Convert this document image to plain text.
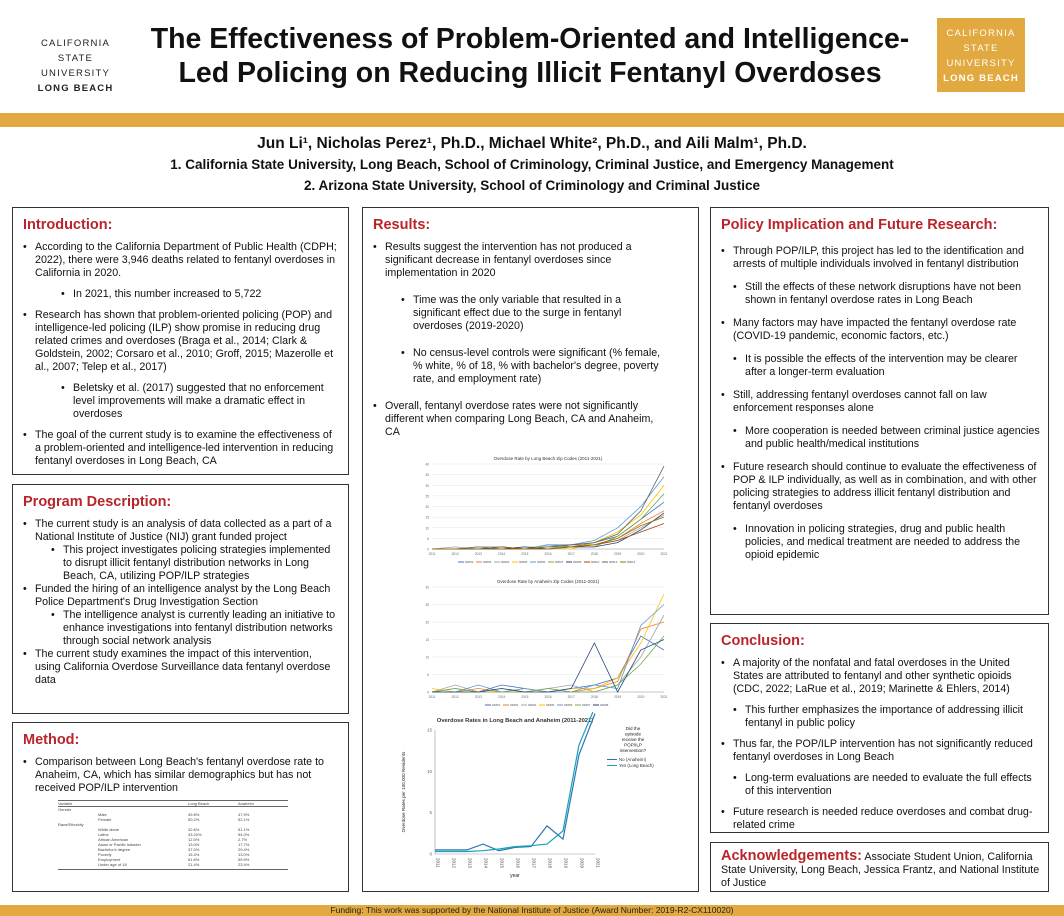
CALIFORNIA
STATE
UNIVERSITY
LONG BEACH
The Effectiveness of Problem-Oriented and Intelligence-Led Policing on Reducing Illicit Fentanyl Overdoses
CALIFORNIA
STATE
UNIVERSITY
LONG BEACH
Jun Li¹, Nicholas Perez¹, Ph.D., Michael White², Ph.D., and Aili Malm¹, Ph.D.
1. California State University, Long Beach, School of Criminology, Criminal Justice, and Emergency Management
2. Arizona State University, School of Criminology and Criminal Justice
Introduction:
• According to the California Department of Public Health (CDPH; 2022), there were 3,946 deaths related to fentanyl overdoses in California in 2020.
• In 2021, this number increased to 5,722
• Research has shown that problem-oriented policing (POP) and intelligence-led policing (ILP) show promise in reducing drug related crimes and overdoses (Braga et al., 2014; Clark & Goldstein, 2002; Corsaro et al., 2010; Groff, 2015; Mazerolle et al., 2007; Telep et al., 2017)
• Beletsky et al. (2017) suggested that no enforcement level improvements will make a dramatic effect in overdoses
• The goal of the current study is to examine the effectiveness of a problem-oriented and intelligence-led intervention in reducing fentanyl overdoses in Long Beach, CA
Program Description:
• The current study is an analysis of data collected as a part of a National Institute of Justice (NIJ) grant funded project
• This project investigates policing strategies implemented to disrupt illicit fentanyl distribution networks in Long Beach, CA, utilizing POP/ILP strategies
• Funded the hiring of an intelligence analyst by the Long Beach Police Department's Drug Investigation Section
• The intelligence analyst is currently leading an initiative to enhance investigations into fentanyl distribution networks through social network analysis
• The current study examines the impact of this intervention, using California Overdose Surveillance data fentanyl overdose data
Method:
• Comparison between Long Beach's fentanyl overdose rate to Anaheim, CA, which has similar demographics but has not received POP/ILP intervention
Variable	Long Beach	Anaheim
Gender
Male	49.8%	47.9%
Female	50.2%	52.1%
Race/Ethnicity
White alone	32.6%	51.1%
Latinx	43.20%	54.0%
African American	12.5%	2.7%
Asian or Pacific Islander	13.0%	17.7%
Bachelor's degree	37.0%	29.4%
Poverty	15.4%	13.0%
Employment	61.6%	59.9%
Under age of 18	21.4%	23.4%
Results:
• Results suggest the intervention has not produced a significant decrease in fentanyl overdoses since implementation in 2020
• Time was the only variable that resulted in a significant effect due to the surge in fentanyl overdoses (2019-2020)
• No census-level controls were significant (% female, % white, % of 18, % with bachelor's degree, poverty rate, and employment rate)
• Overall, fentanyl overdose rates were not significantly different when comparing Long Beach, CA and Anaheim, CA
Overdose Rate by Long Beach Zip Codes (2011-2021)
0
5
10
15
20
25
30
35
40
2011	2012	2013	2014	2015	2016	2017	2018	2019	2020	2021
90802	90803	90804	90805	90806	90807	90808	90810	90813	90814
Overdose Rate by Anaheim Zip Codes (2011-2021)
0
5
10
15
20
25
30
2011	2012	2013	2014	2015	2016	2017	2018	2019	2020	2021
92801	92802	92804	92805	92806	92807	92808
Overdose Rates in Long Beach and Anaheim (2011-2021)
0
5
10
15
2011 2012 2013 2014 2015 2016 2017 2018 2019 2020 2021
year
Overdose Rates per 100,000 Residents
Did the episode receive the POP/ILP intervention?
No (Anaheim)
Yes (Long Beach)
Policy Implication and Future Research:
• Through POP/ILP, this project has led to the identification and arrests of multiple individuals involved in fentanyl distribution
• Still the effects of these network disruptions have not been shown in fentanyl overdose rates in Long Beach
• Many factors may have impacted the fentanyl overdose rate (COVID-19 pandemic, economic factors, etc.)
• It is possible the effects of the intervention may be clearer after a longer-term evaluation
• Still, addressing fentanyl overdoses cannot fall on law enforcement responses alone
• More cooperation is needed between criminal justice agencies and public health/medical institutions
• Future research should continue to evaluate the effectiveness of POP & ILP individually, as well as in combination, and with other policing strategies to address illicit fentanyl distribution and fentanyl overdoses
• Innovation in policing strategies, drug and public health policies, and medical treatment are needed to address the opioid epidemic
Conclusion:
• A majority of the nonfatal and fatal overdoses in the United States are attributed to fentanyl and other synthetic opioids (CDC, 2022; LaRue et al., 2019; Marinette & Ehlers, 2014)
• This further emphasizes the importance of addressing illicit fentanyl in public policy
• Thus far, the POP/ILP intervention has not significantly reduced fentanyl overdoses in Long Beach
• Long-term evaluations are needed to evaluate the full effects of this intervention
• Future research is needed reduce overdoses and combat drug-related crime
Acknowledgements: Associate Student Union, California State University, Long Beach, Jessica Frantz, and National Institute of Justice
Funding: This work was supported by the National Institute of Justice (Award Number: 2019-R2-CX110020)
